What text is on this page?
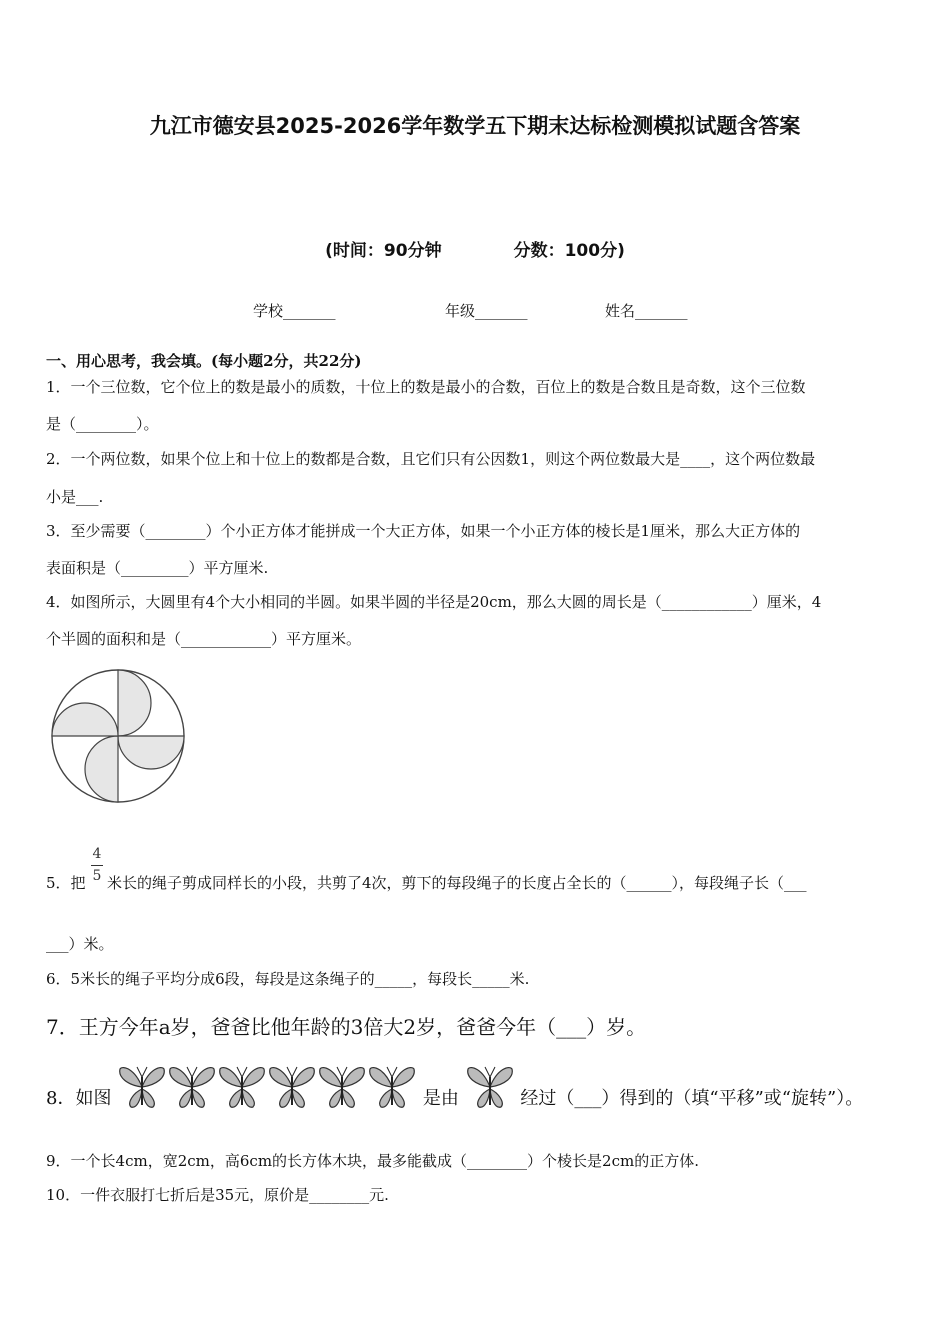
九江市德安县2025-2026学年数学五下期末达标检测模拟试题含答案
(时间：90分钟	分数：100分)
学校_______	年级_______	姓名_______
一、用心思考，我会填。(每小题2分，共22分)
1．一个三位数，它个位上的数是最小的质数，十位上的数是最小的合数，百位上的数是合数且是奇数，这个三位数
是（________）。
2．一个两位数，如果个位上和十位上的数都是合数，且它们只有公因数1，则这个两位数最大是____，这个两位数最
小是___.
3．至少需要（________）个小正方体才能拼成一个大正方体，如果一个小正方体的棱长是1厘米，那么大正方体的
表面积是（_________）平方厘米.
4．如图所示，大圆里有4个大小相同的半圆。如果半圆的半径是20cm，那么大圆的周长是（____________）厘米，4
个半圆的面积和是（____________）平方厘米。
4
5
5．把 米长的绳子剪成同样长的小段，共剪了4次，剪下的每段绳子的长度占全长的（______），每段绳子长（___
___）米。
6．5米长的绳子平均分成6段，每段是这条绳子的_____，每段长_____米.
7．王方今年a岁，爸爸比他年龄的3倍大2岁，爸爸今年（___）岁。
8．如图	是由	经过（___）得到的（填“平移”或“旋转”）。
9．一个长4cm，宽2cm，高6cm的长方体木块，最多能截成（________）个棱长是2cm的正方体.
10．一件衣服打七折后是35元，原价是________元.
